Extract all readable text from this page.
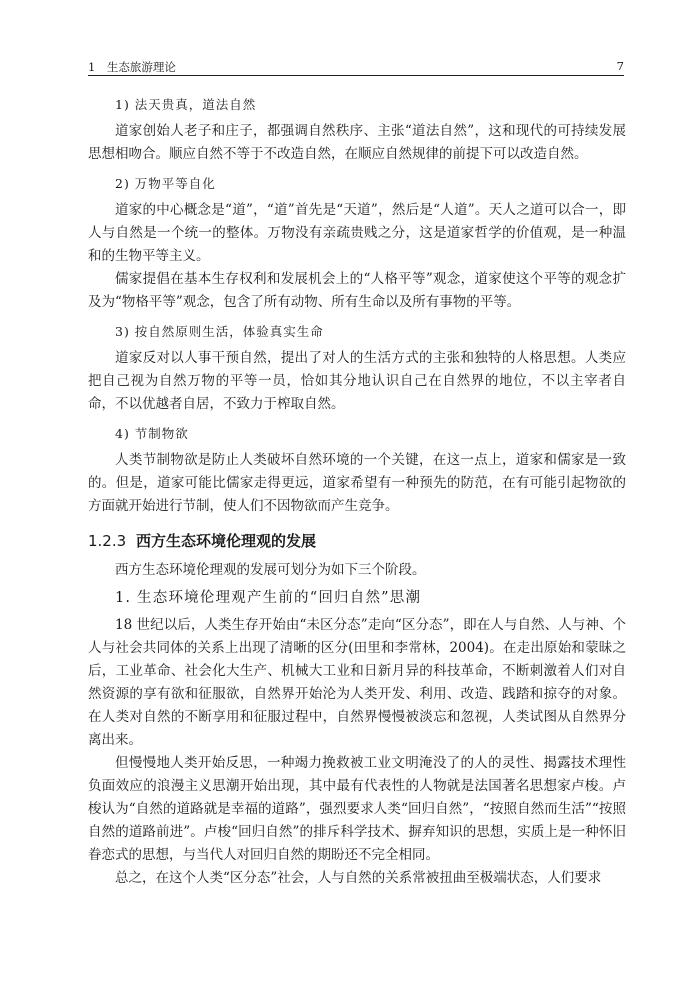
1　生态旅游理论	7
1) 法天贵真，道法自然

道家创始人老子和庄子，都强调自然秩序、主张“道法自然”，这和现代的可持续发展思想相吻合。顺应自然不等于不改造自然，在顺应自然规律的前提下可以改造自然。

2) 万物平等自化

道家的中心概念是“道”，“道”首先是“天道”，然后是“人道”。天人之道可以合一，即人与自然是一个统一的整体。万物没有亲疏贵贱之分，这是道家哲学的价值观，是一种温和的生物平等主义。

儒家提倡在基本生存权利和发展机会上的“人格平等”观念，道家使这个平等的观念扩及为“物格平等”观念，包含了所有动物、所有生命以及所有事物的平等。

3) 按自然原则生活，体验真实生命

道家反对以人事干预自然，提出了对人的生活方式的主张和独特的人格思想。人类应把自己视为自然万物的平等一员，恰如其分地认识自己在自然界的地位，不以主宰者自命，不以优越者自居，不致力于榨取自然。

4) 节制物欲

人类节制物欲是防止人类破坏自然环境的一个关键，在这一点上，道家和儒家是一致的。但是，道家可能比儒家走得更远，道家希望有一种预先的防范，在有可能引起物欲的方面就开始进行节制，使人们不因物欲而产生竞争。

1.2.3 西方生态环境伦理观的发展

西方生态环境伦理观的发展可划分为如下三个阶段。

1. 生态环境伦理观产生前的“回归自然”思潮

18 世纪以后，人类生存开始由“未区分态”走向“区分态”，即在人与自然、人与神、个人与社会共同体的关系上出现了清晰的区分(田里和李常林，2004)。在走出原始和蒙昧之后，工业革命、社会化大生产、机械大工业和日新月异的科技革命，不断刺激着人们对自然资源的享有欲和征服欲，自然界开始沦为人类开发、利用、改造、践踏和掠夺的对象。在人类对自然的不断享用和征服过程中，自然界慢慢被淡忘和忽视，人类试图从自然界分离出来。

但慢慢地人类开始反思，一种竭力挽救被工业文明淹没了的人的灵性、揭露技术理性负面效应的浪漫主义思潮开始出现，其中最有代表性的人物就是法国著名思想家卢梭。卢梭认为“自然的道路就是幸福的道路”，强烈要求人类“回归自然”，“按照自然而生活”“按照自然的道路前进”。卢梭“回归自然”的排斥科学技术、摒弃知识的思想，实质上是一种怀旧眷恋式的思想，与当代人对回归自然的期盼还不完全相同。

总之，在这个人类“区分态”社会，人与自然的关系常被扭曲至极端状态，人们要求
